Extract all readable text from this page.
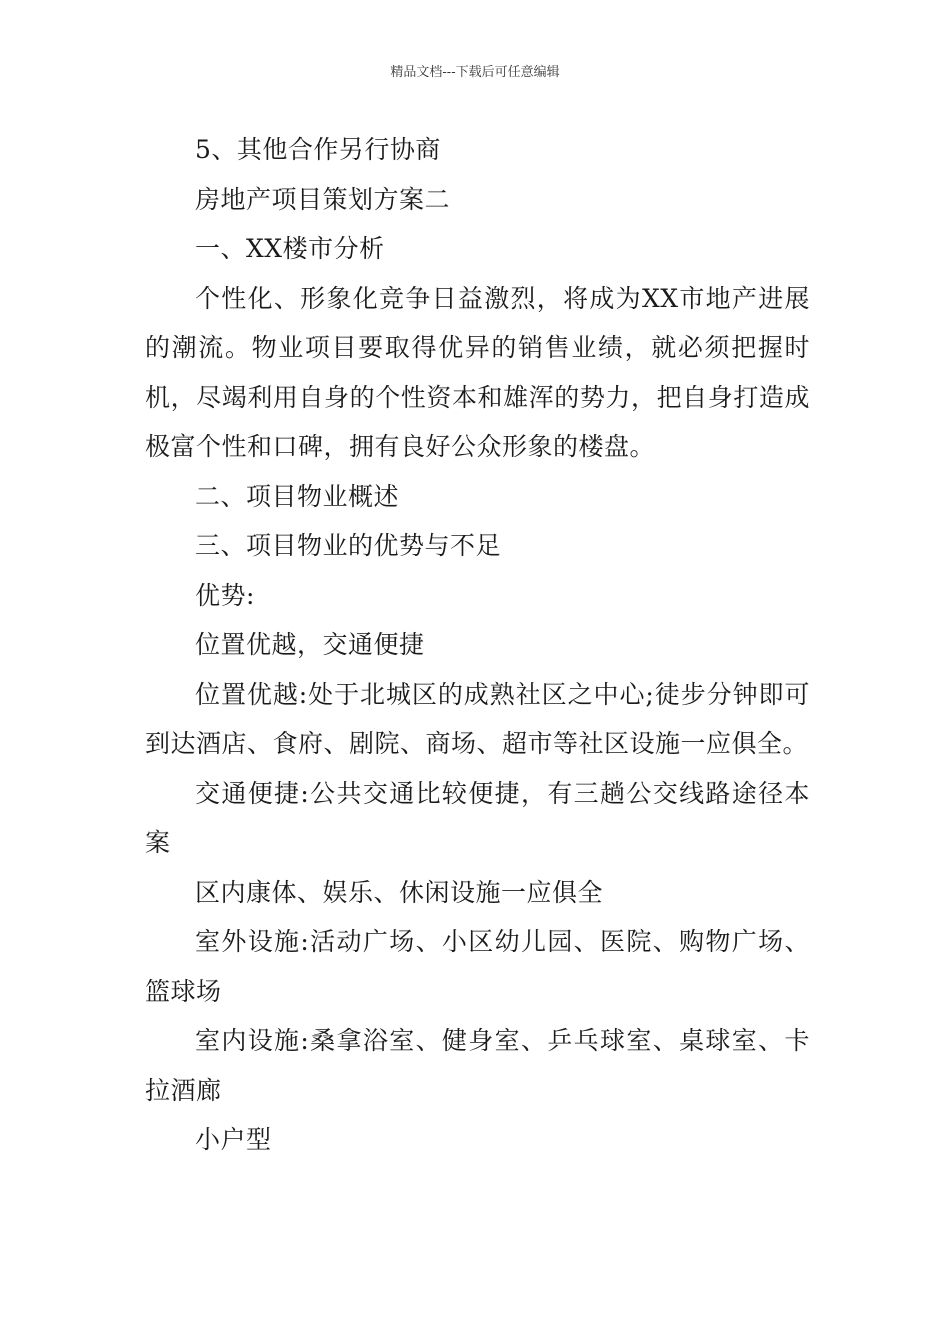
精品文档---下载后可任意编辑

5、其他合作另行协商

房地产项目策划方案二

一、XX楼市分析

个性化、形象化竞争日益激烈，将成为XX市地产进展的潮流。物业项目要取得优异的销售业绩，就必须把握时机，尽竭利用自身的个性资本和雄浑的势力，把自身打造成极富个性和口碑，拥有良好公众形象的楼盘。

二、项目物业概述

三、项目物业的优势与不足

优势:

位置优越，交通便捷

位置优越:处于北城区的成熟社区之中心;徒步分钟即可到达酒店、食府、剧院、商场、超市等社区设施一应俱全。

交通便捷:公共交通比较便捷，有三趟公交线路途径本案

区内康体、娱乐、休闲设施一应俱全

室外设施:活动广场、小区幼儿园、医院、购物广场、篮球场

室内设施:桑拿浴室、健身室、乒乓球室、桌球室、卡拉酒廊

小户型
